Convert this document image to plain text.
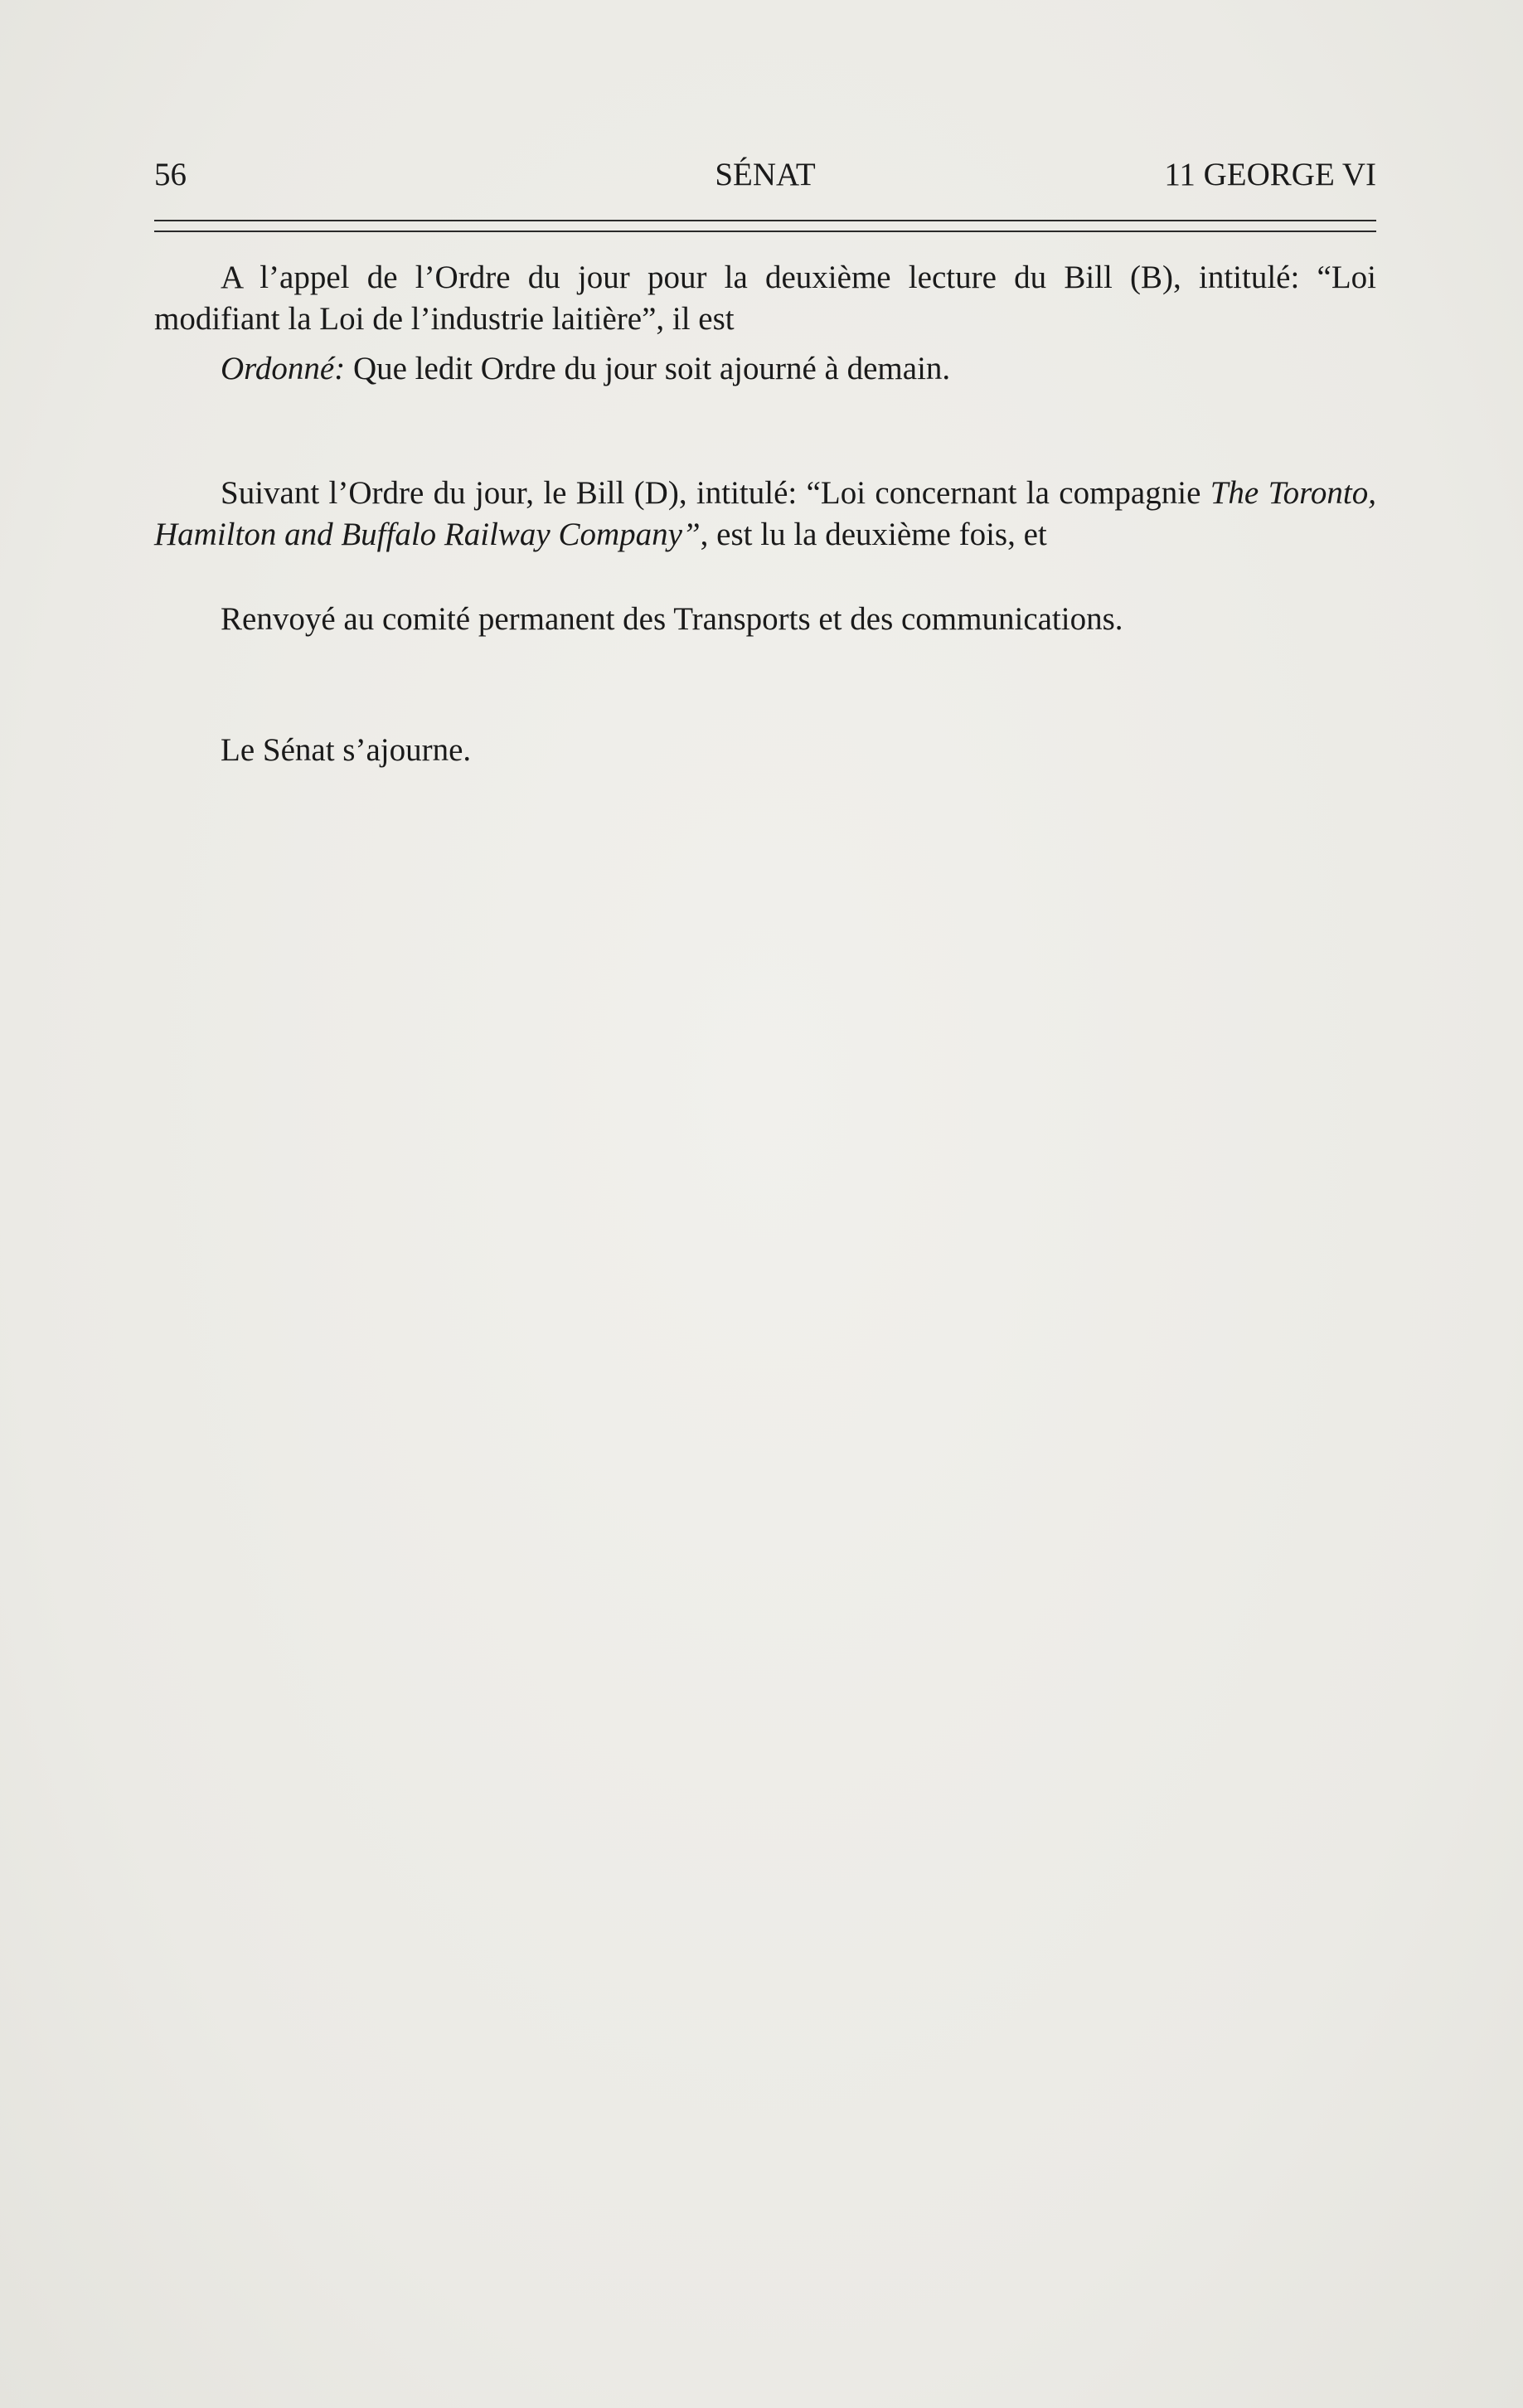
56	SÉNAT	11 GEORGE VI

A l’appel de l’Ordre du jour pour la deuxième lecture du Bill (B), intitulé: “Loi modifiant la Loi de l’industrie laitière”, il est

Ordonné: Que ledit Ordre du jour soit ajourné à demain.

Suivant l’Ordre du jour, le Bill (D), intitulé: “Loi concernant la compagnie The Toronto, Hamilton and Buffalo Railway Company”, est lu la deuxième fois, et

Renvoyé au comité permanent des Transports et des communications.

Le Sénat s’ajourne.
